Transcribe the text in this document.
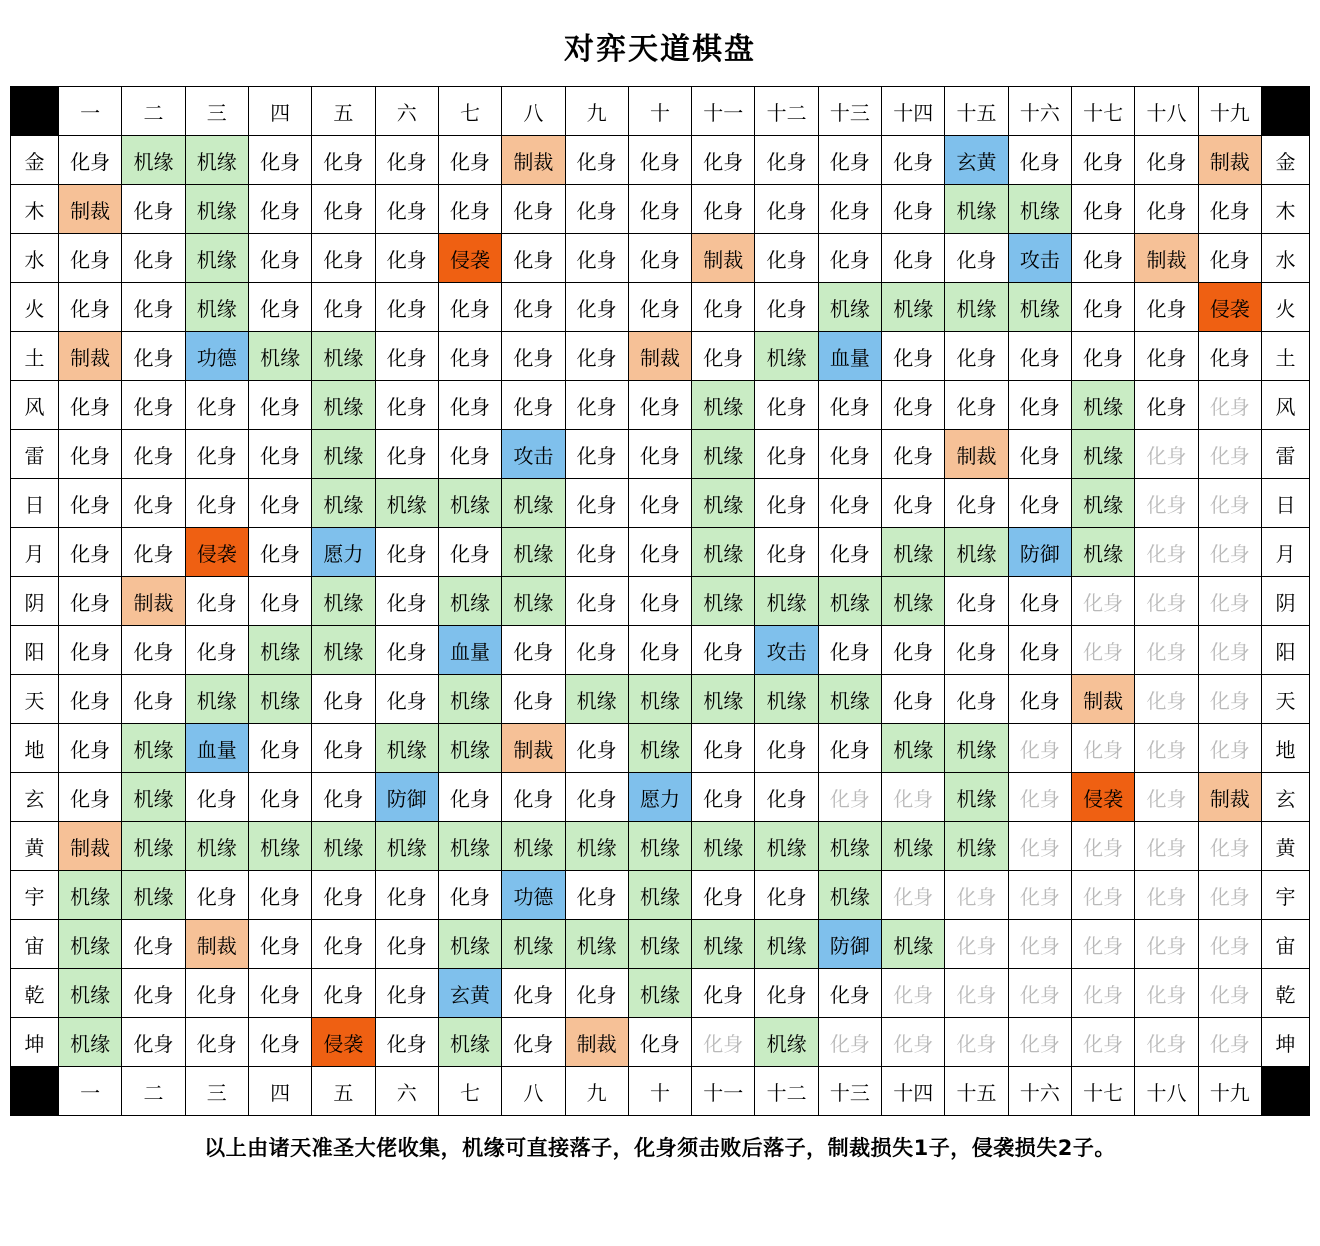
对弈天道棋盘
	一	二	三	四	五	六	七	八	九	十	十一	十二	十三	十四	十五	十六	十七	十八	十九	
金	化身	机缘	机缘	化身	化身	化身	化身	制裁	化身	化身	化身	化身	化身	化身	玄黄	化身	化身	化身	制裁	金
木	制裁	化身	机缘	化身	化身	化身	化身	化身	化身	化身	化身	化身	化身	化身	机缘	机缘	化身	化身	化身	木
水	化身	化身	机缘	化身	化身	化身	侵袭	化身	化身	化身	制裁	化身	化身	化身	化身	攻击	化身	制裁	化身	水
火	化身	化身	机缘	化身	化身	化身	化身	化身	化身	化身	化身	化身	机缘	机缘	机缘	机缘	化身	化身	侵袭	火
土	制裁	化身	功德	机缘	机缘	化身	化身	化身	化身	制裁	化身	机缘	血量	化身	化身	化身	化身	化身	化身	土
风	化身	化身	化身	化身	机缘	化身	化身	化身	化身	化身	机缘	化身	化身	化身	化身	化身	机缘	化身	化身	风
雷	化身	化身	化身	化身	机缘	化身	化身	攻击	化身	化身	机缘	化身	化身	化身	制裁	化身	机缘	化身	化身	雷
日	化身	化身	化身	化身	机缘	机缘	机缘	机缘	化身	化身	机缘	化身	化身	化身	化身	化身	机缘	化身	化身	日
月	化身	化身	侵袭	化身	愿力	化身	化身	机缘	化身	化身	机缘	化身	化身	机缘	机缘	防御	机缘	化身	化身	月
阴	化身	制裁	化身	化身	机缘	化身	机缘	机缘	化身	化身	机缘	机缘	机缘	机缘	化身	化身	化身	化身	化身	阴
阳	化身	化身	化身	机缘	机缘	化身	血量	化身	化身	化身	化身	攻击	化身	化身	化身	化身	化身	化身	化身	阳
天	化身	化身	机缘	机缘	化身	化身	机缘	化身	机缘	机缘	机缘	机缘	机缘	化身	化身	化身	制裁	化身	化身	天
地	化身	机缘	血量	化身	化身	机缘	机缘	制裁	化身	机缘	化身	化身	化身	机缘	机缘	化身	化身	化身	化身	地
玄	化身	机缘	化身	化身	化身	防御	化身	化身	化身	愿力	化身	化身	化身	化身	机缘	化身	侵袭	化身	制裁	玄
黄	制裁	机缘	机缘	机缘	机缘	机缘	机缘	机缘	机缘	机缘	机缘	机缘	机缘	机缘	机缘	化身	化身	化身	化身	黄
宇	机缘	机缘	化身	化身	化身	化身	化身	功德	化身	机缘	化身	化身	机缘	化身	化身	化身	化身	化身	化身	宇
宙	机缘	化身	制裁	化身	化身	化身	机缘	机缘	机缘	机缘	机缘	机缘	防御	机缘	化身	化身	化身	化身	化身	宙
乾	机缘	化身	化身	化身	化身	化身	玄黄	化身	化身	机缘	化身	化身	化身	化身	化身	化身	化身	化身	化身	乾
坤	机缘	化身	化身	化身	侵袭	化身	机缘	化身	制裁	化身	化身	机缘	化身	化身	化身	化身	化身	化身	化身	坤
	一	二	三	四	五	六	七	八	九	十	十一	十二	十三	十四	十五	十六	十七	十八	十九	
以上由诸天准圣大佬收集，机缘可直接落子，化身须击败后落子，制裁损失1子，侵袭损失2子。
